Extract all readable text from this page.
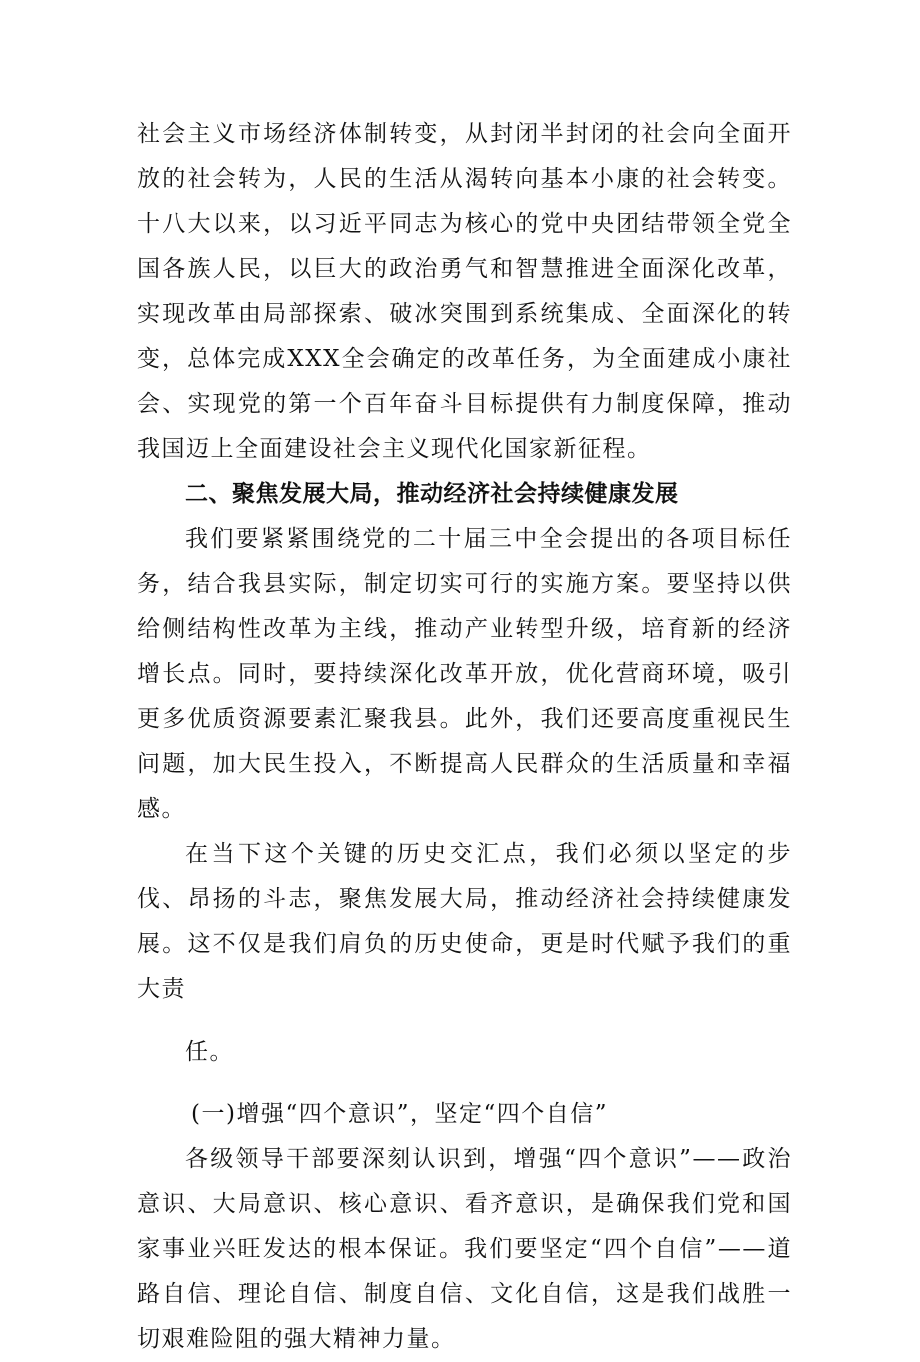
社会主义市场经济体制转变，从封闭半封闭的社会向全面开放的社会转为，人民的生活从渴转向基本小康的社会转变。十八大以来，以习近平同志为核心的党中央团结带领全党全国各族人民，以巨大的政治勇气和智慧推进全面深化改革，实现改革由局部探索、破冰突围到系统集成、全面深化的转变，总体完成XXX全会确定的改革任务，为全面建成小康社会、实现党的第一个百年奋斗目标提供有力制度保障，推动我国迈上全面建设社会主义现代化国家新征程。

二、聚焦发展大局，推动经济社会持续健康发展

我们要紧紧围绕党的二十届三中全会提出的各项目标任务，结合我县实际，制定切实可行的实施方案。要坚持以供给侧结构性改革为主线，推动产业转型升级，培育新的经济增长点。同时，要持续深化改革开放，优化营商环境，吸引更多优质资源要素汇聚我县。此外，我们还要高度重视民生问题，加大民生投入，不断提高人民群众的生活质量和幸福感。

在当下这个关键的历史交汇点，我们必须以坚定的步伐、昂扬的斗志，聚焦发展大局，推动经济社会持续健康发展。这不仅是我们肩负的历史使命，更是时代赋予我们的重大责

任。

(一)增强“四个意识”，坚定“四个自信”

各级领导干部要深刻认识到，增强“四个意识”——政治意识、大局意识、核心意识、看齐意识，是确保我们党和国家事业兴旺发达的根本保证。我们要坚定“四个自信”——道路自信、理论自信、制度自信、文化自信，这是我们战胜一切艰难险阻的强大精神力量。
